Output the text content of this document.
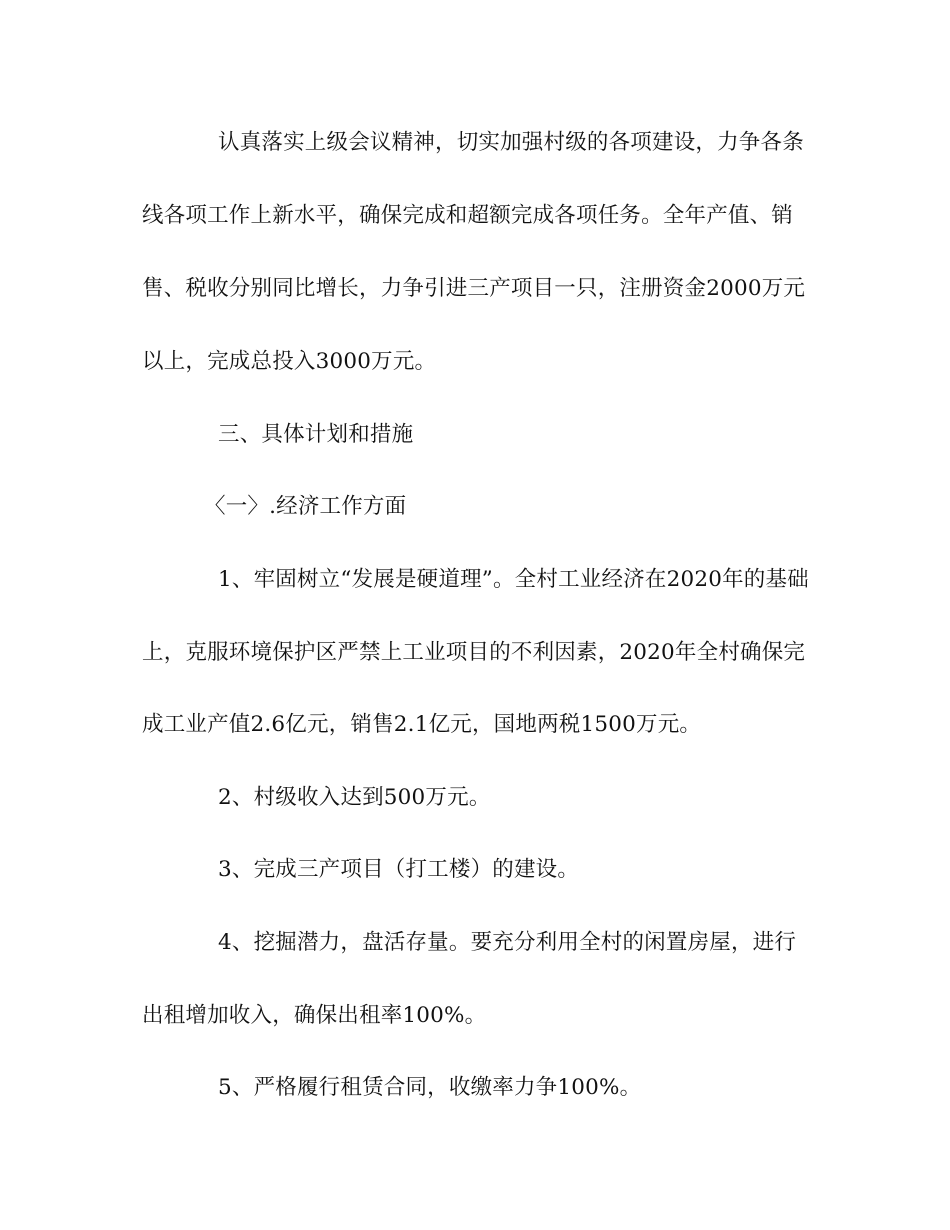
认真落实上级会议精神，切实加强村级的各项建设，力争各条
线各项工作上新水平，确保完成和超额完成各项任务。全年产值、销
售、税收分别同比增长，力争引进三产项目一只，注册资金2000万元
以上，完成总投入3000万元。
三、具体计划和措施
〈一〉.经济工作方面
1、牢固树立“发展是硬道理”。全村工业经济在2020年的基础
上，克服环境保护区严禁上工业项目的不利因素，2020年全村确保完
成工业产值2.6亿元，销售2.1亿元，国地两税1500万元。
2、村级收入达到500万元。
3、完成三产项目（打工楼）的建设。
4、挖掘潜力，盘活存量。要充分利用全村的闲置房屋，进行
出租增加收入，确保出租率100%。
5、严格履行租赁合同，收缴率力争100%。
